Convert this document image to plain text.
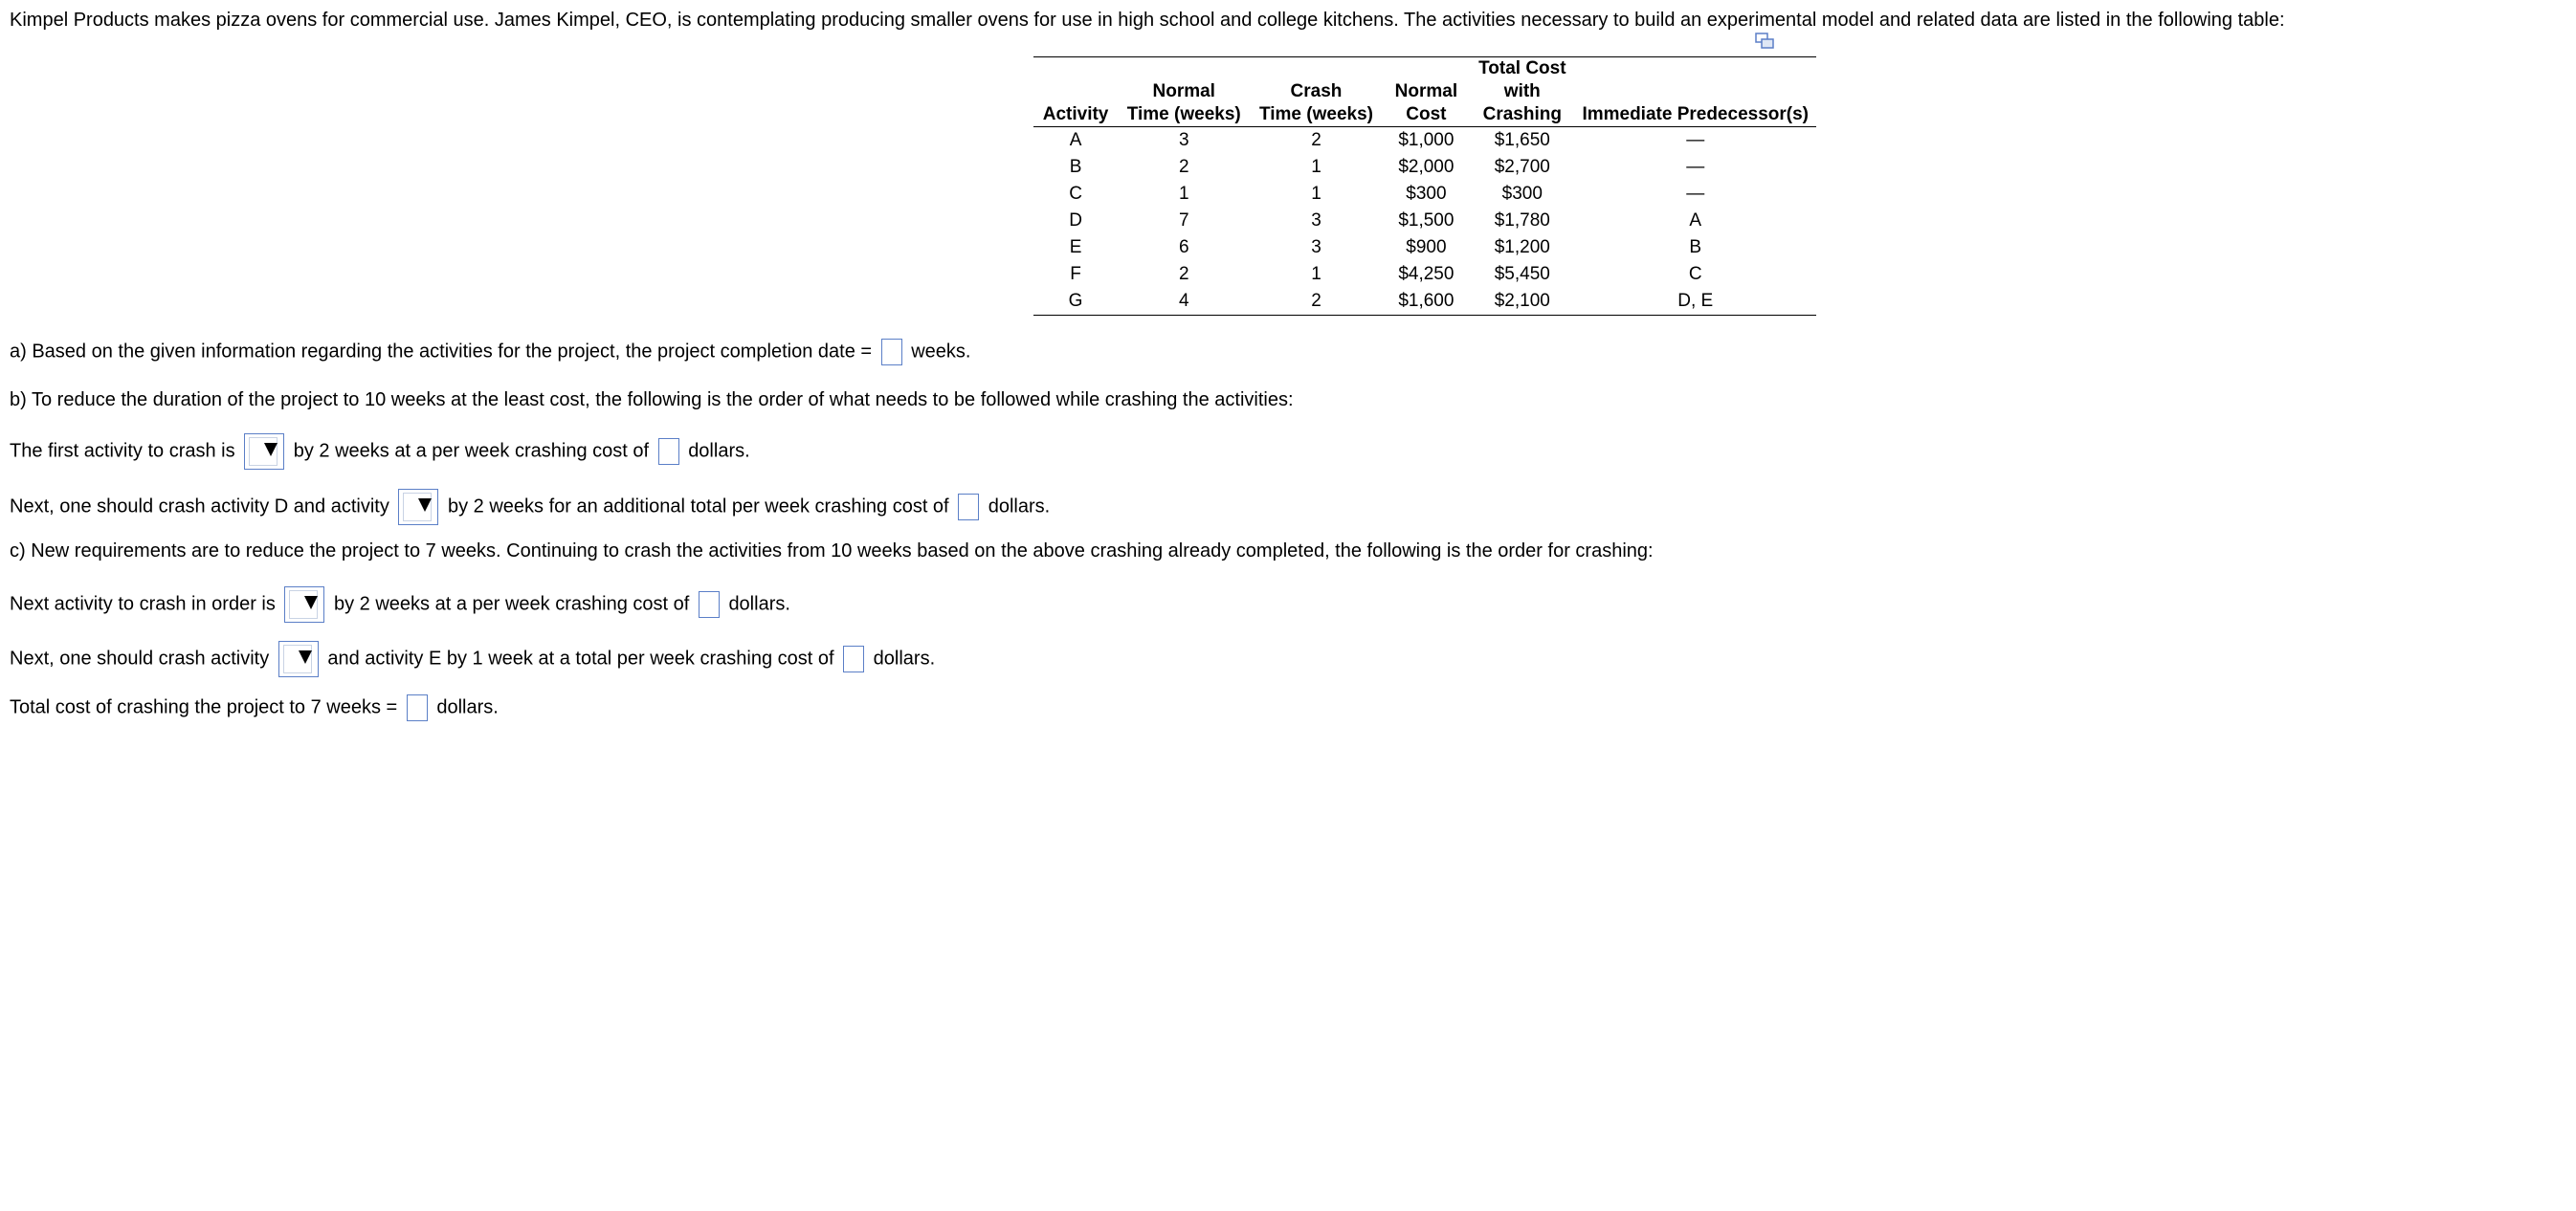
Kimpel Products makes pizza ovens for commercial use. James Kimpel, CEO, is contemplating producing smaller ovens for use in high school and college kitchens. The activities necessary to build an experimental model and related data are listed in the following table:
				Total Cost	
	Normal	Crash	Normal	with	
Activity	Time (weeks)	Time (weeks)	Cost	Crashing	Immediate Predecessor(s)
A	3	2	$1,000	$1,650	—
B	2	1	$2,000	$2,700	—
C	1	1	$300	$300	—
D	7	3	$1,500	$1,780	A
E	6	3	$900	$1,200	B
F	2	1	$4,250	$5,450	C
G	4	2	$1,600	$2,100	D, E
a) Based on the given information regarding the activities for the project, the project completion date = weeks.
b) To reduce the duration of the project to 10 weeks at the least cost, the following is the order of what needs to be followed while crashing the activities:
The first activity to crash is	by 2 weeks at a per week crashing cost of dollars.
Next, one should crash activity D and activity	by 2 weeks for an additional total per week crashing cost of dollars.
c) New requirements are to reduce the project to 7 weeks. Continuing to crash the activities from 10 weeks based on the above crashing already completed, the following is the order for crashing:
Next activity to crash in order is	by 2 weeks at a per week crashing cost of dollars.
Next, one should crash activity	and activity E by 1 week at a total per week crashing cost of dollars.
Total cost of crashing the project to 7 weeks = dollars.
